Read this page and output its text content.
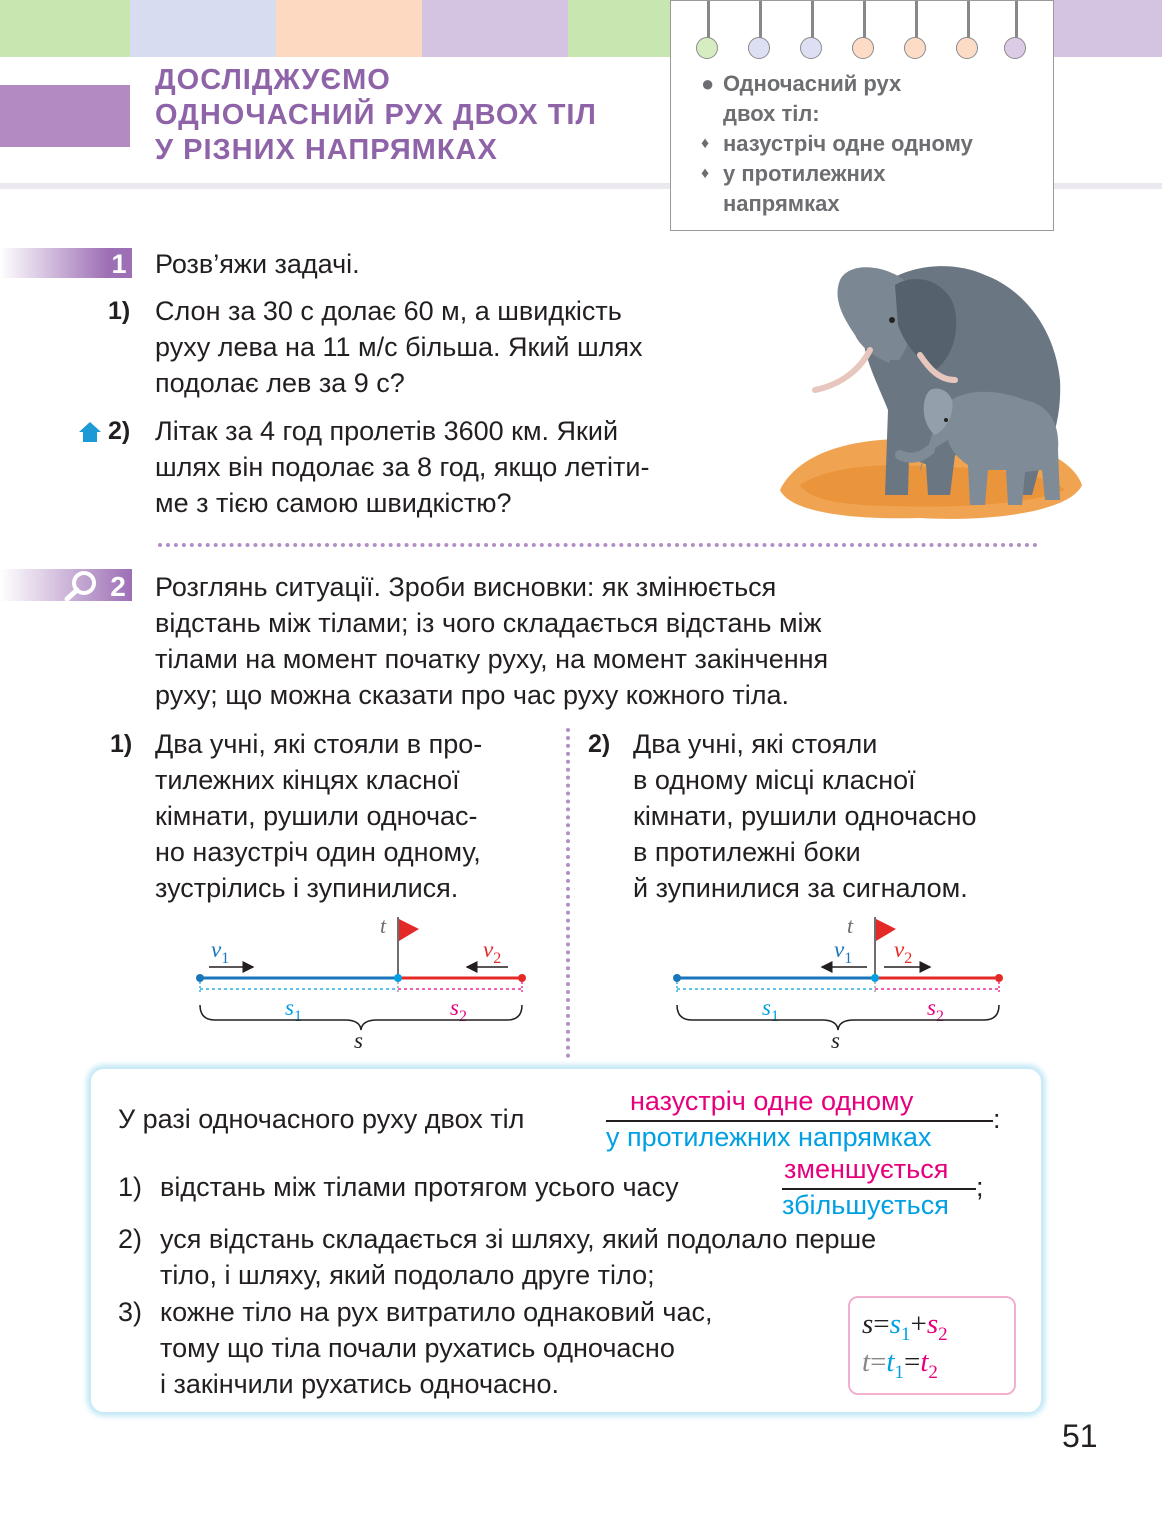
ДОСЛІДЖУЄМО
ОДНОЧАСНИЙ РУХ ДВОХ ТІЛ
У РІЗНИХ НАПРЯМКАХ
● Одночасний рух
двох тіл:
♦ назустріч одне одному
♦ у протилежних
напрямках
1 Розв’яжи задачі.
1) Слон за 30 с долає 60 м, а швидкість
руху лева на 11 м/с більша. Який шлях
подолає лев за 9 с?
2) Літак за 4 год пролетів 3600 км. Який
шлях він подолає за 8 год, якщо летіти-
ме з тією самою швидкістю?
2 Розглянь ситуації. Зроби висновки: як змінюється
відстань між тілами; із чого складається відстань між
тілами на момент початку руху, на момент закінчення
руху; що можна сказати про час руху кожного тіла.
1) Два учні, які стояли в про-
тилежних кінцях класної
кімнати, рушили одночас-
но назустріч один одному,
зустрілись і зупинилися.
2) Два учні, які стояли
в одному місці класної
кімнати, рушили одночасно
в протилежні боки
й зупинилися за сигналом.
t
$v_1$	$v_2$
$s_1$	$s_2$
s
t
$v_1$ $v_2$
$s_1$	$s_2$
s
У разі одночасного руху двох тіл
назустріч одне одному
у протилежних напрямках
:
1) відстань між тілами протягом усього часу
зменшується
збільшується
;
2) уся відстань складається зі шляху, який подолало перше
тіло, і шляху, який подолало друге тіло;
3) кожне тіло на рух витратило однаковий час,
тому що тіла почали рухатись одночасно
і закінчили рухатись одночасно.
$s=s_1+s_2$
$t=t_1=t_2$
51
